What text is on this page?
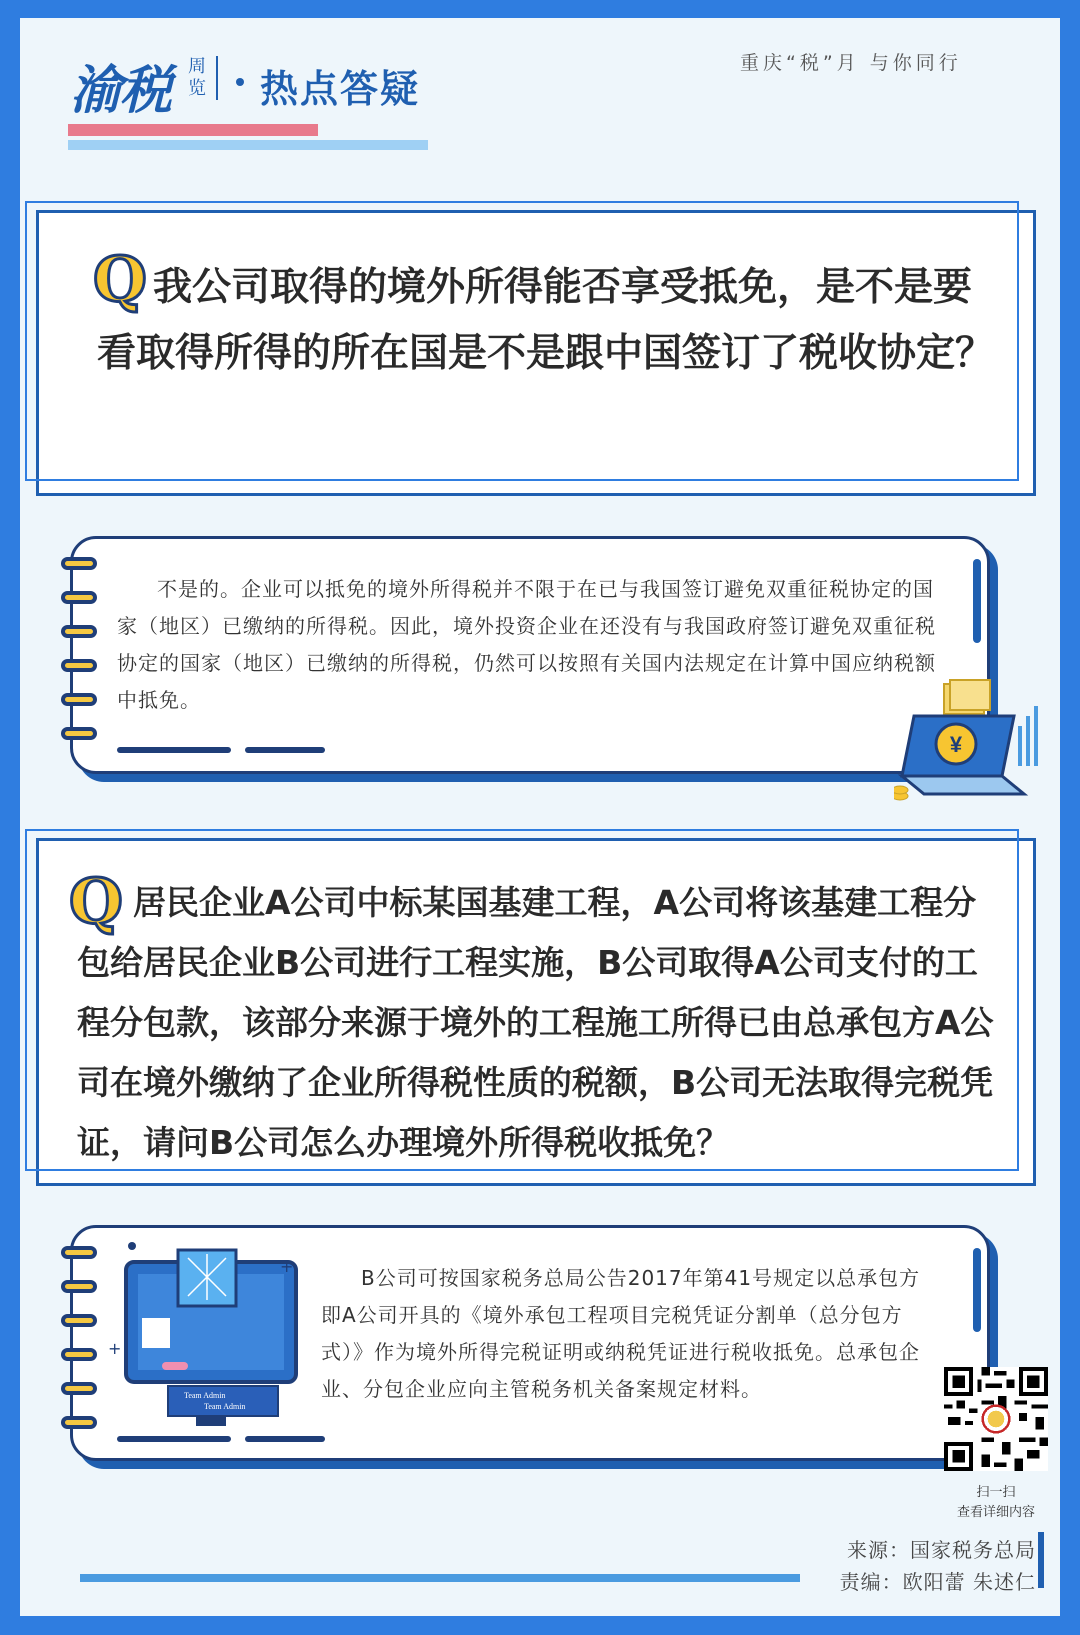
渝税 周览	热点答疑
重庆“税”月 与你同行
Q 我公司取得的境外所得能否享受抵免，是不是要看取得所得的所在国是不是跟中国签订了税收协定？
不是的。企业可以抵免的境外所得税并不限于在已与我国签订避免双重征税协定的国家（地区）已缴纳的所得税。因此，境外投资企业在还没有与我国政府签订避免双重征税协定的国家（地区）已缴纳的所得税，仍然可以按照有关国内法规定在计算中国应纳税额中抵免。
¥
Q 居民企业A公司中标某国基建工程，A公司将该基建工程分包给居民企业B公司进行工程实施，B公司取得A公司支付的工程分包款，该部分来源于境外的工程施工所得已由总承包方A公司在境外缴纳了企业所得税性质的税额，B公司无法取得完税凭证，请问B公司怎么办理境外所得税收抵免？
B公司可按国家税务总局公告2017年第41号规定以总承包方即A公司开具的《境外承包工程项目完税凭证分割单（总分包方式）》作为境外所得完税证明或纳税凭证进行税收抵免。总承包企业、分包企业应向主管税务机关备案规定材料。
Team Admin
Team Admin
+
+
扫一扫
查看详细内容
来源：国家税务总局
责编：欧阳蕾 朱述仁
